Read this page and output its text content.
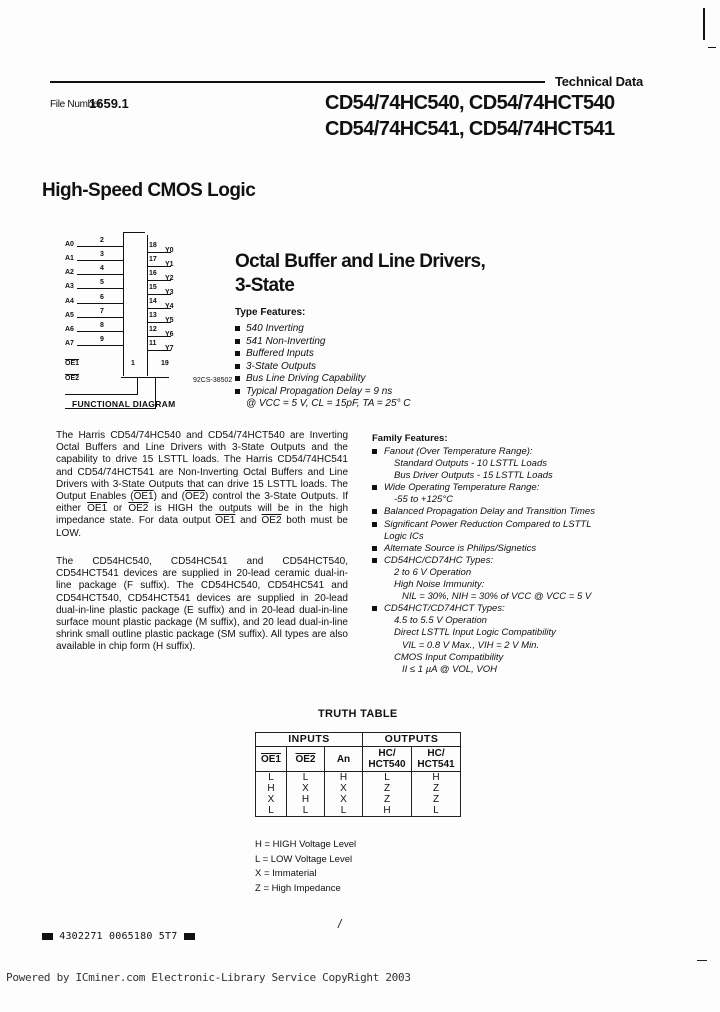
Technical Data
File Number
1659.1	CD54/74HC540, CD54/74HCT540
CD54/74HC541, CD54/74HCT541
High-Speed CMOS Logic
A0
2
A1
3
A2
4
A3
5
A4
6
A5
7
A6
8
A7
9
18
Y0
17
Y1
16
Y2
15
Y3
14
Y4
13
Y5
12
Y6
11
Y7
OE1	1	19
OE2	92CS-38502
FUNCTIONAL DIAGRAM
Octal Buffer and Line Drivers,
3-State
Type Features:
540 Inverting
541 Non-Inverting
Buffered Inputs
3-State Outputs
Bus Line Driving Capability
Typical Propagation Delay = 9 ns
@ VCC = 5 V, CL = 15pF, TA = 25° C
The Harris CD54/74HC540 and CD54/74HCT540 are Inverting Octal Buffers and Line Drivers with 3-State Outputs and the capability to drive 15 LSTTL loads. The Harris CD54/74HC541 and CD54/74HCT541 are Non-Inverting Octal Buffers and Line Drivers with 3-State Outputs that can drive 15 LSTTL loads. The Output Enables (OE1) and (OE2) control the 3-State Outputs. If either OE1 or OE2 is HIGH the outputs will be in the high impedance state. For data output OE1 and OE2 both must be LOW.
The CD54HC540, CD54HC541 and CD54HCT540, CD54HCT541 devices are supplied in 20-lead ceramic dual-in-line package (F suffix). The CD54HC540, CD54HC541 and CD54HCT540, CD54HCT541 devices are supplied in 20-lead dual-in-line plastic package (E suffix) and in 20-lead dual-in-line surface mount plastic package (M suffix), and 20 lead dual-in-line shrink small outline plastic package (SM suffix). All types are also available in chip form (H suffix).
Family Features:
Fanout (Over Temperature Range):
Standard Outputs - 10 LSTTL Loads
Bus Driver Outputs - 15 LSTTL Loads
Wide Operating Temperature Range:
-55 to +125°C
Balanced Propagation Delay and Transition Times
Significant Power Reduction Compared to LSTTL
Logic ICs
Alternate Source is Philips/Signetics
CD54HC/CD74HC Types:
2 to 6 V Operation
High Noise Immunity:
NIL = 30%, NIH = 30% of VCC @ VCC = 5 V
CD54HCT/CD74HCT Types:
4.5 to 5.5 V Operation
Direct LSTTL Input Logic Compatibility
VIL = 0.8 V Max., VIH = 2 V Min.
CMOS Input Compatibility
II ≤ 1 µA @ VOL, VOH
TRUTH TABLE
INPUTS			OUTPUTS	
OE1	OE2	An	HC/ HCT540	HC/ HCT541
L	L	H	L	H
H	X	X	Z	Z
X	H	X	Z	Z
L	L	L	H	L
H = HIGH Voltage Level
L = LOW Voltage Level
X = Immaterial
Z = High Impedance
/
4302271 0065180 5T7
Powered by ICminer.com Electronic-Library Service CopyRight 2003
